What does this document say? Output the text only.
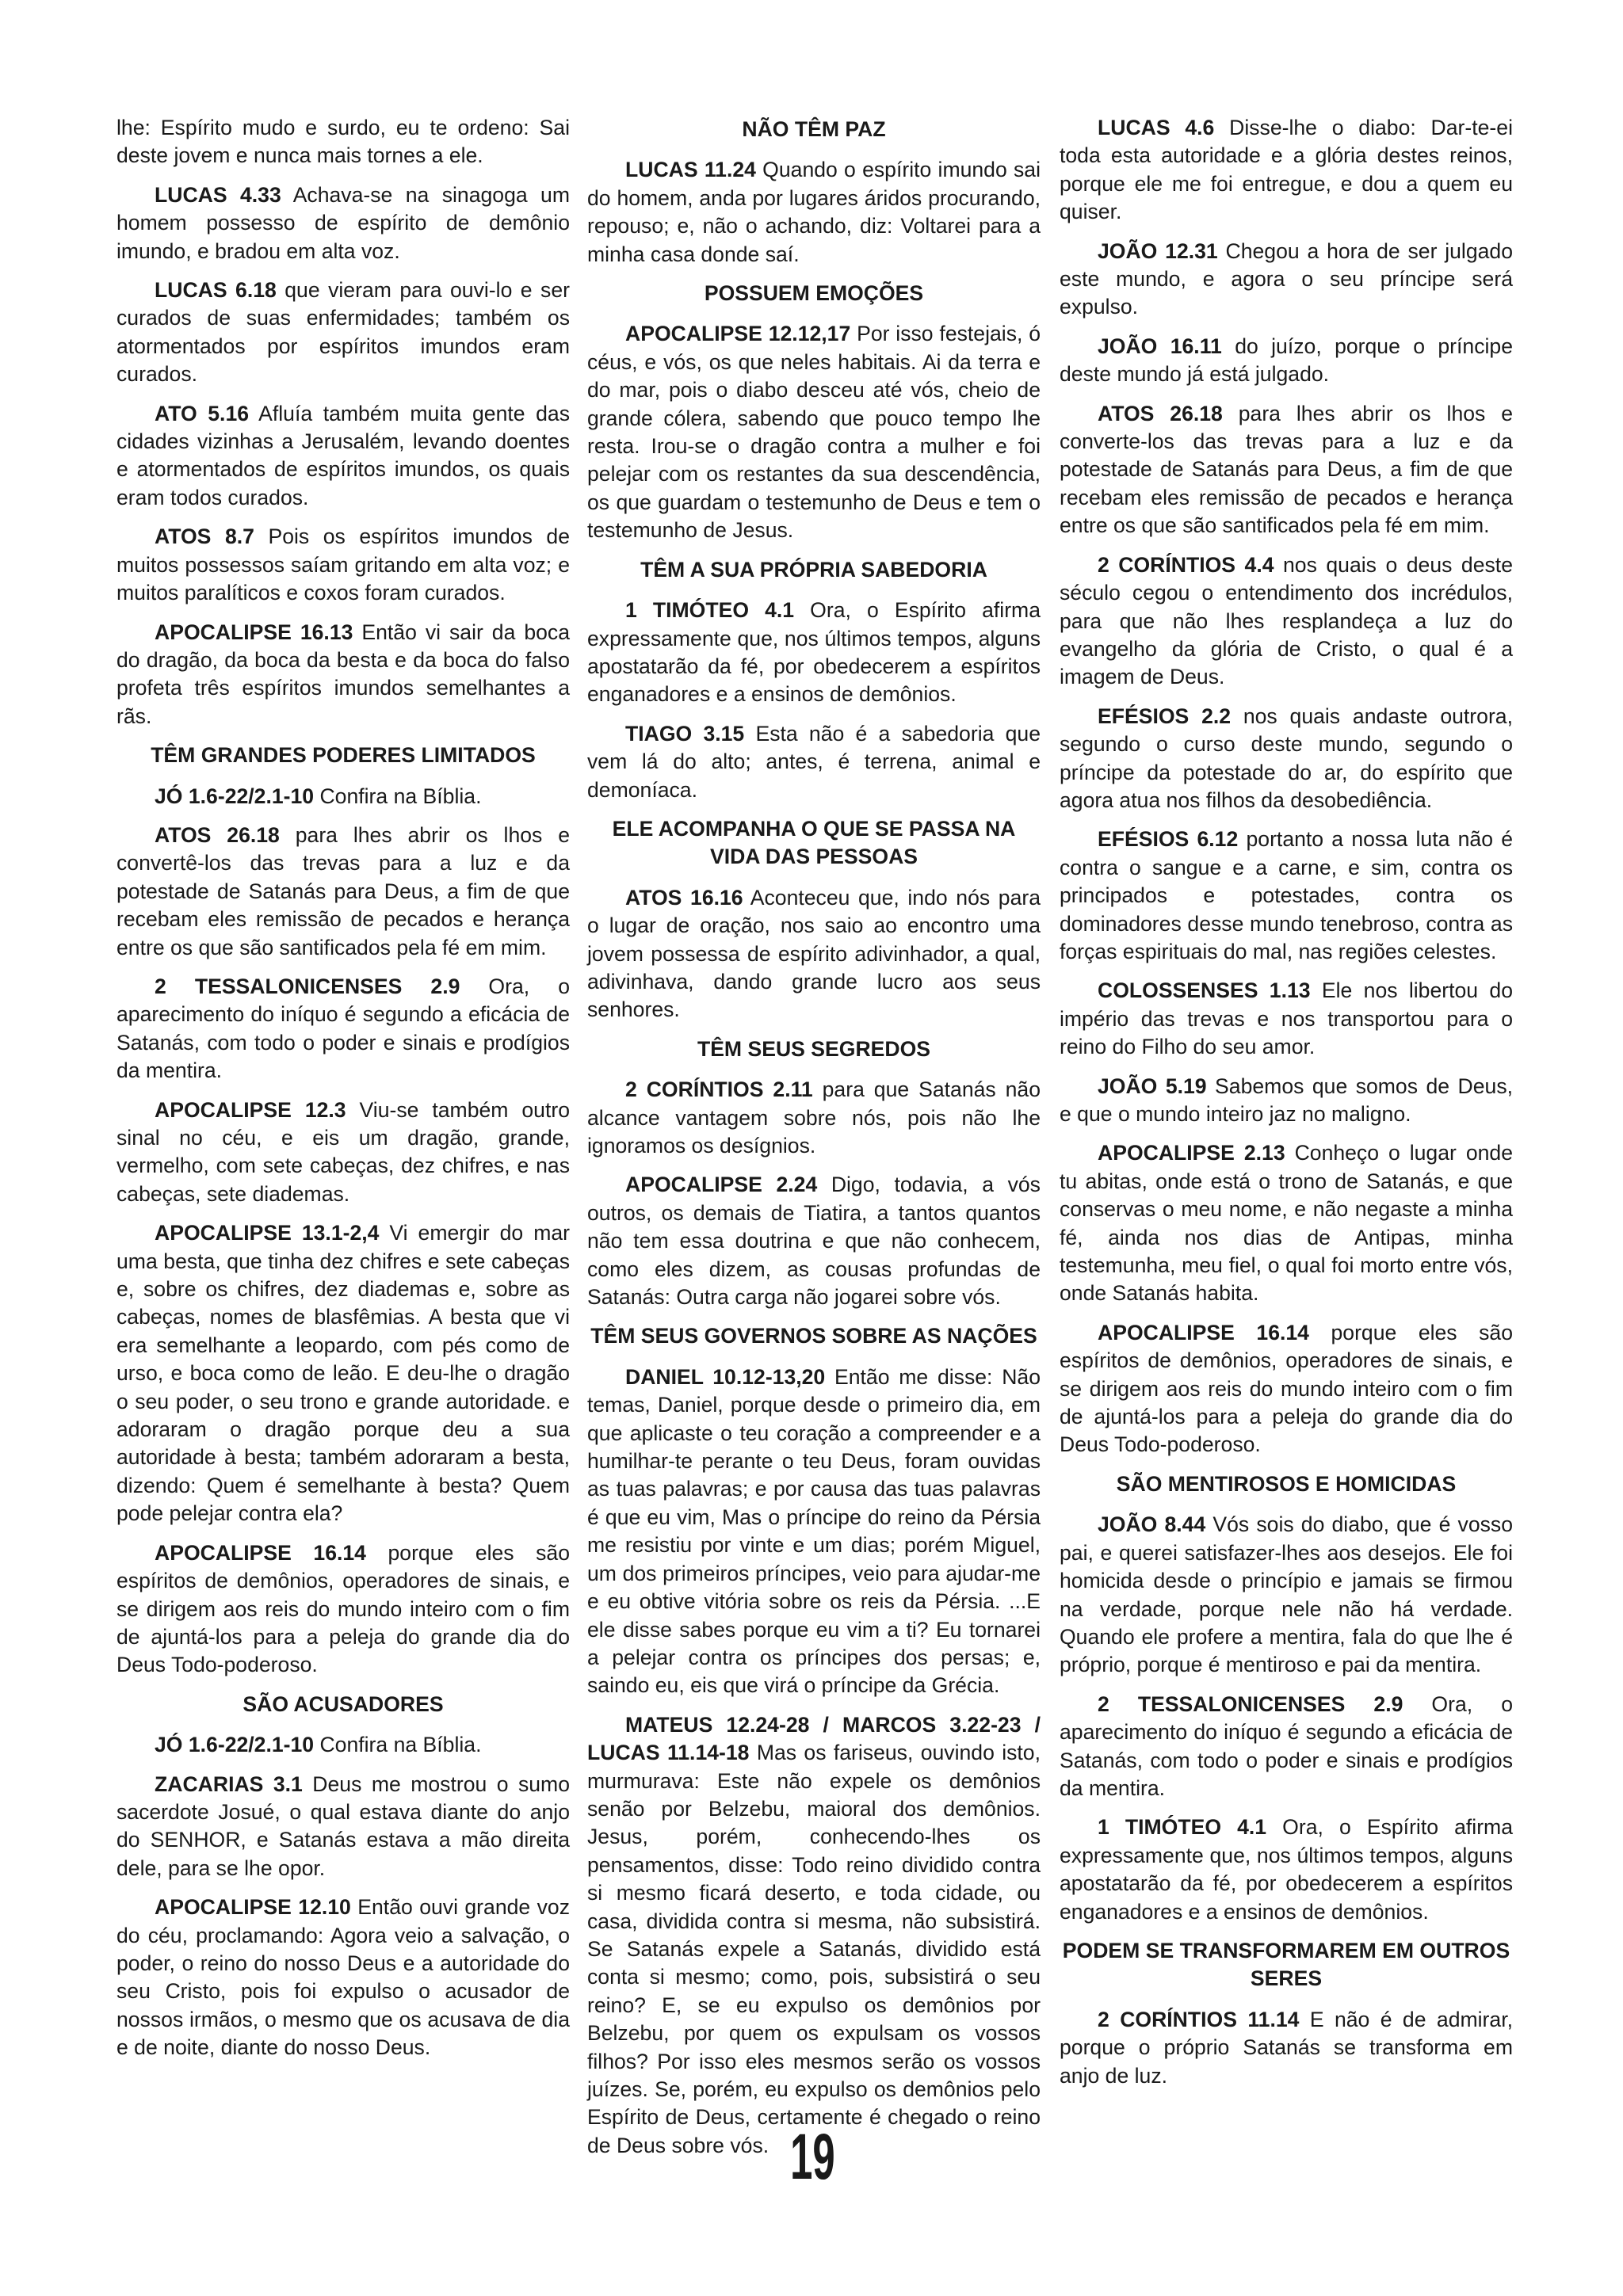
lhe: Espírito mudo e surdo, eu te ordeno: Sai deste jovem e nunca mais tornes a ele.

LUCAS 4.33 Achava-se na sinagoga um homem possesso de espírito de demônio imundo, e bradou em alta voz.

LUCAS 6.18 que vieram para ouvi-lo e ser curados de suas enfermidades; também os atormentados por espíritos imundos eram curados.

ATO 5.16 Afluía também muita gente das cidades vizinhas a Jerusalém, levando doentes e atormentados de espíritos imundos, os quais eram todos curados.

ATOS 8.7 Pois os espíritos imundos de muitos possessos saíam gritando em alta voz; e muitos paralíticos e coxos foram curados.

APOCALIPSE 16.13 Então vi sair da boca do dragão, da boca da besta e da boca do falso profeta três espíritos imundos semelhantes a rãs.

TÊM GRANDES PODERES LIMITADOS

JÓ 1.6-22/2.1-10 Confira na Bíblia.

ATOS 26.18 para lhes abrir os lhos e convertê-los das trevas para a luz e da potestade de Satanás para Deus, a fim de que recebam eles remissão de pecados e herança entre os que são santificados pela fé em mim.

2 TESSALONICENSES 2.9 Ora, o aparecimento do iníquo é segundo a eficácia de Satanás, com todo o poder e sinais e prodígios da mentira.

APOCALIPSE 12.3 Viu-se também outro sinal no céu, e eis um dragão, grande, vermelho, com sete cabeças, dez chifres, e nas cabeças, sete diademas.

APOCALIPSE 13.1-2,4 Vi emergir do mar uma besta, que tinha dez chifres e sete cabeças e, sobre os chifres, dez diademas e, sobre as cabeças, nomes de blasfêmias. A besta que vi era semelhante a leopardo, com pés como de urso, e boca como de leão. E deu-lhe o dragão o seu poder, o seu trono e grande autoridade. e adoraram o dragão porque deu a sua autoridade à besta; também adoraram a besta, dizendo: Quem é semelhante à besta? Quem pode pelejar contra ela?

APOCALIPSE 16.14 porque eles são espíritos de demônios, operadores de sinais, e se dirigem aos reis do mundo inteiro com o fim de ajuntá-los para a peleja do grande dia do Deus Todo-poderoso.

SÃO ACUSADORES

JÓ 1.6-22/2.1-10 Confira na Bíblia.

ZACARIAS 3.1 Deus me mostrou o sumo sacerdote Josué, o qual estava diante do anjo do SENHOR, e Satanás estava a mão direita dele, para se lhe opor.

APOCALIPSE 12.10 Então ouvi grande voz do céu, proclamando: Agora veio a salvação, o poder, o reino do nosso Deus e a autoridade do seu Cristo, pois foi expulso o acusador de nossos irmãos, o mesmo que os acusava de dia e de noite, diante do nosso Deus.

NÃO TÊM PAZ

LUCAS 11.24 Quando o espírito imundo sai do homem, anda por lugares áridos procurando, repouso; e, não o achando, diz: Voltarei para a minha casa donde saí.

POSSUEM EMOÇÕES

APOCALIPSE 12.12,17 Por isso festejais, ó céus, e vós, os que neles habitais. Ai da terra e do mar, pois o diabo desceu até vós, cheio de grande cólera, sabendo que pouco tempo lhe resta. Irou-se o dragão contra a mulher e foi pelejar com os restantes da sua descendência, os que guardam o testemunho de Deus e tem o testemunho de Jesus.

TÊM A SUA PRÓPRIA SABEDORIA

1 TIMÓTEO 4.1 Ora, o Espírito afirma expressamente que, nos últimos tempos, alguns apostatarão da fé, por obedecerem a espíritos enganadores e a ensinos de demônios.

TIAGO 3.15 Esta não é a sabedoria que vem lá do alto; antes, é terrena, animal e demoníaca.

ELE ACOMPANHA O QUE SE PASSA NA VIDA DAS PESSOAS

ATOS 16.16 Aconteceu que, indo nós para o lugar de oração, nos saio ao encontro uma jovem possessa de espírito adivinhador, a qual, adivinhava, dando grande lucro aos seus senhores.

TÊM SEUS SEGREDOS

2 CORÍNTIOS 2.11 para que Satanás não alcance vantagem sobre nós, pois não lhe ignoramos os desígnios.

APOCALIPSE 2.24 Digo, todavia, a vós outros, os demais de Tiatira, a tantos quantos não tem essa doutrina e que não conhecem, como eles dizem, as cousas profundas de Satanás: Outra carga não jogarei sobre vós.

TÊM SEUS GOVERNOS SOBRE AS NAÇÕES

DANIEL 10.12-13,20 Então me disse: Não temas, Daniel, porque desde o primeiro dia, em que aplicaste o teu coração a compreender e a humilhar-te perante o teu Deus, foram ouvidas as tuas palavras; e por causa das tuas palavras é que eu vim, Mas o príncipe do reino da Pérsia me resistiu por vinte e um dias; porém Miguel, um dos primeiros príncipes, veio para ajudar-me e eu obtive vitória sobre os reis da Pérsia. ...E ele disse sabes porque eu vim a ti? Eu tornarei a pelejar contra os príncipes dos persas; e, saindo eu, eis que virá o príncipe da Grécia.

MATEUS 12.24-28 / MARCOS 3.22-23 / LUCAS 11.14-18 Mas os fariseus, ouvindo isto, murmurava: Este não expele os demônios senão por Belzebu, maioral dos demônios. Jesus, porém, conhecendo-lhes os pensamentos, disse: Todo reino dividido contra si mesmo ficará deserto, e toda cidade, ou casa, dividida contra si mesma, não subsistirá. Se Satanás expele a Satanás, dividido está conta si mesmo; como, pois, subsistirá o seu reino? E, se eu expulso os demônios por Belzebu, por quem os expulsam os vossos filhos? Por isso eles mesmos serão os vossos juízes. Se, porém, eu expulso os demônios pelo Espírito de Deus, certamente é chegado o reino de Deus sobre vós.

LUCAS 4.6 Disse-lhe o diabo: Dar-te-ei toda esta autoridade e a glória destes reinos, porque ele me foi entregue, e dou a quem eu quiser.

JOÃO 12.31 Chegou a hora de ser julgado este mundo, e agora o seu príncipe será expulso.

JOÃO 16.11 do juízo, porque o príncipe deste mundo já está julgado.

ATOS 26.18 para lhes abrir os lhos e converte-los das trevas para a luz e da potestade de Satanás para Deus, a fim de que recebam eles remissão de pecados e herança entre os que são santificados pela fé em mim.

2 CORÍNTIOS 4.4 nos quais o deus deste século cegou o entendimento dos incrédulos, para que não lhes resplandeça a luz do evangelho da glória de Cristo, o qual é a imagem de Deus.

EFÉSIOS 2.2 nos quais andaste outrora, segundo o curso deste mundo, segundo o príncipe da potestade do ar, do espírito que agora atua nos filhos da desobediência.

EFÉSIOS 6.12 portanto a nossa luta não é contra o sangue e a carne, e sim, contra os principados e potestades, contra os dominadores desse mundo tenebroso, contra as forças espirituais do mal, nas regiões celestes.

COLOSSENSES 1.13 Ele nos libertou do império das trevas e nos transportou para o reino do Filho do seu amor.

JOÃO 5.19 Sabemos que somos de Deus, e que o mundo inteiro jaz no maligno.

APOCALIPSE 2.13 Conheço o lugar onde tu abitas, onde está o trono de Satanás, e que conservas o meu nome, e não negaste a minha fé, ainda nos dias de Antipas, minha testemunha, meu fiel, o qual foi morto entre vós, onde Satanás habita.

APOCALIPSE 16.14 porque eles são espíritos de demônios, operadores de sinais, e se dirigem aos reis do mundo inteiro com o fim de ajuntá-los para a peleja do grande dia do Deus Todo-poderoso.

SÃO MENTIROSOS E HOMICIDAS

JOÃO 8.44 Vós sois do diabo, que é vosso pai, e querei satisfazer-lhes aos desejos. Ele foi homicida desde o princípio e jamais se firmou na verdade, porque nele não há verdade. Quando ele profere a mentira, fala do que lhe é próprio, porque é mentiroso e pai da mentira.

2 TESSALONICENSES 2.9 Ora, o aparecimento do iníquo é segundo a eficácia de Satanás, com todo o poder e sinais e prodígios da mentira.

1 TIMÓTEO 4.1 Ora, o Espírito afirma expressamente que, nos últimos tempos, alguns apostatarão da fé, por obedecerem a espíritos enganadores e a ensinos de demônios.

PODEM SE TRANSFORMAREM EM OUTROS SERES

2 CORÍNTIOS 11.14 E não é de admirar, porque o próprio Satanás se transforma em anjo de luz.

19
